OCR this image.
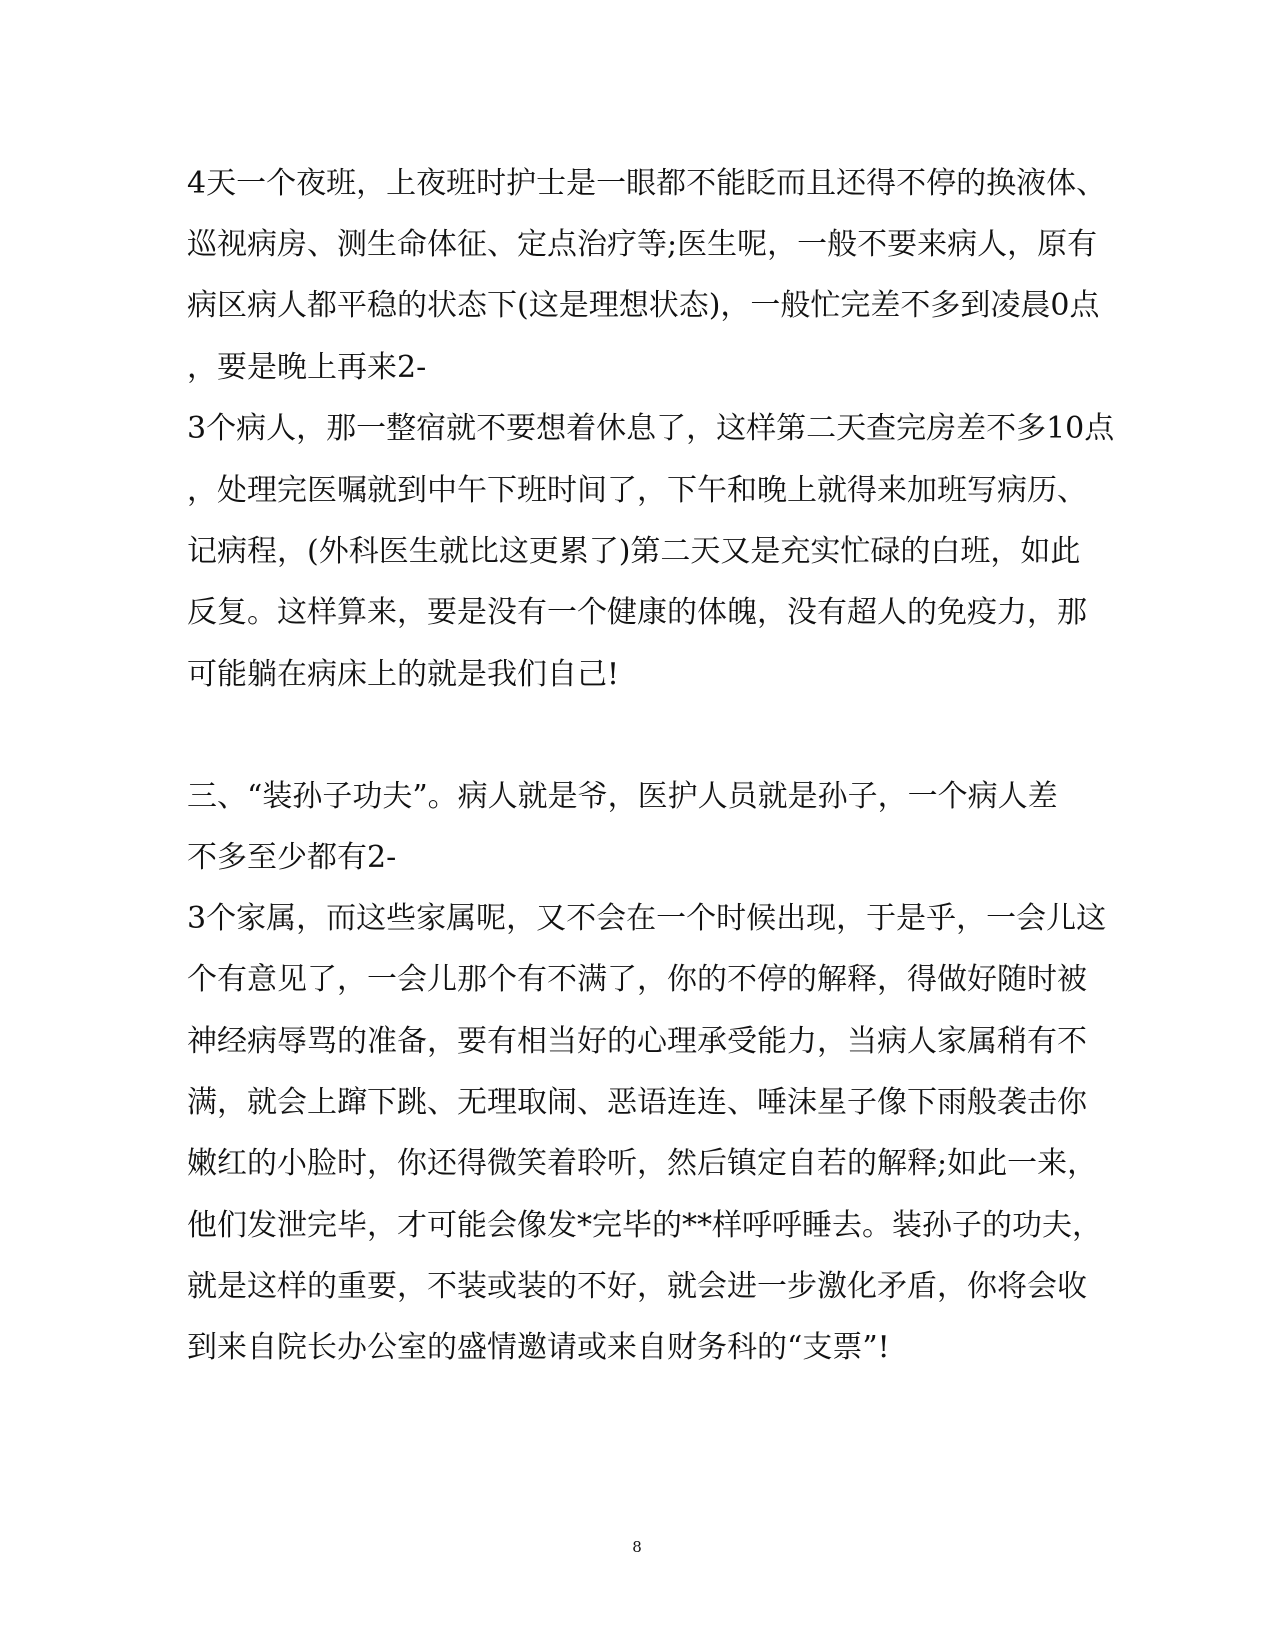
4天一个夜班，上夜班时护士是一眼都不能眨而且还得不停的换液体、
巡视病房、测生命体征、定点治疗等;医生呢，一般不要来病人，原有
病区病人都平稳的状态下(这是理想状态)，一般忙完差不多到凌晨0点
，要是晚上再来2-
3个病人，那一整宿就不要想着休息了，这样第二天查完房差不多10点
，处理完医嘱就到中午下班时间了，下午和晚上就得来加班写病历、
记病程，(外科医生就比这更累了)第二天又是充实忙碌的白班，如此
反复。这样算来，要是没有一个健康的体魄，没有超人的免疫力，那
可能躺在病床上的就是我们自己!
三、“装孙子功夫”。病人就是爷，医护人员就是孙子，一个病人差
不多至少都有2-
3个家属，而这些家属呢，又不会在一个时候出现，于是乎，一会儿这
个有意见了，一会儿那个有不满了，你的不停的解释，得做好随时被
神经病辱骂的准备，要有相当好的心理承受能力，当病人家属稍有不
满，就会上蹿下跳、无理取闹、恶语连连、唾沫星子像下雨般袭击你
嫩红的小脸时，你还得微笑着聆听，然后镇定自若的解释;如此一来，
他们发泄完毕，才可能会像发*完毕的**样呼呼睡去。装孙子的功夫，
就是这样的重要，不装或装的不好，就会进一步激化矛盾，你将会收
到来自院长办公室的盛情邀请或来自财务科的“支票”!
8
